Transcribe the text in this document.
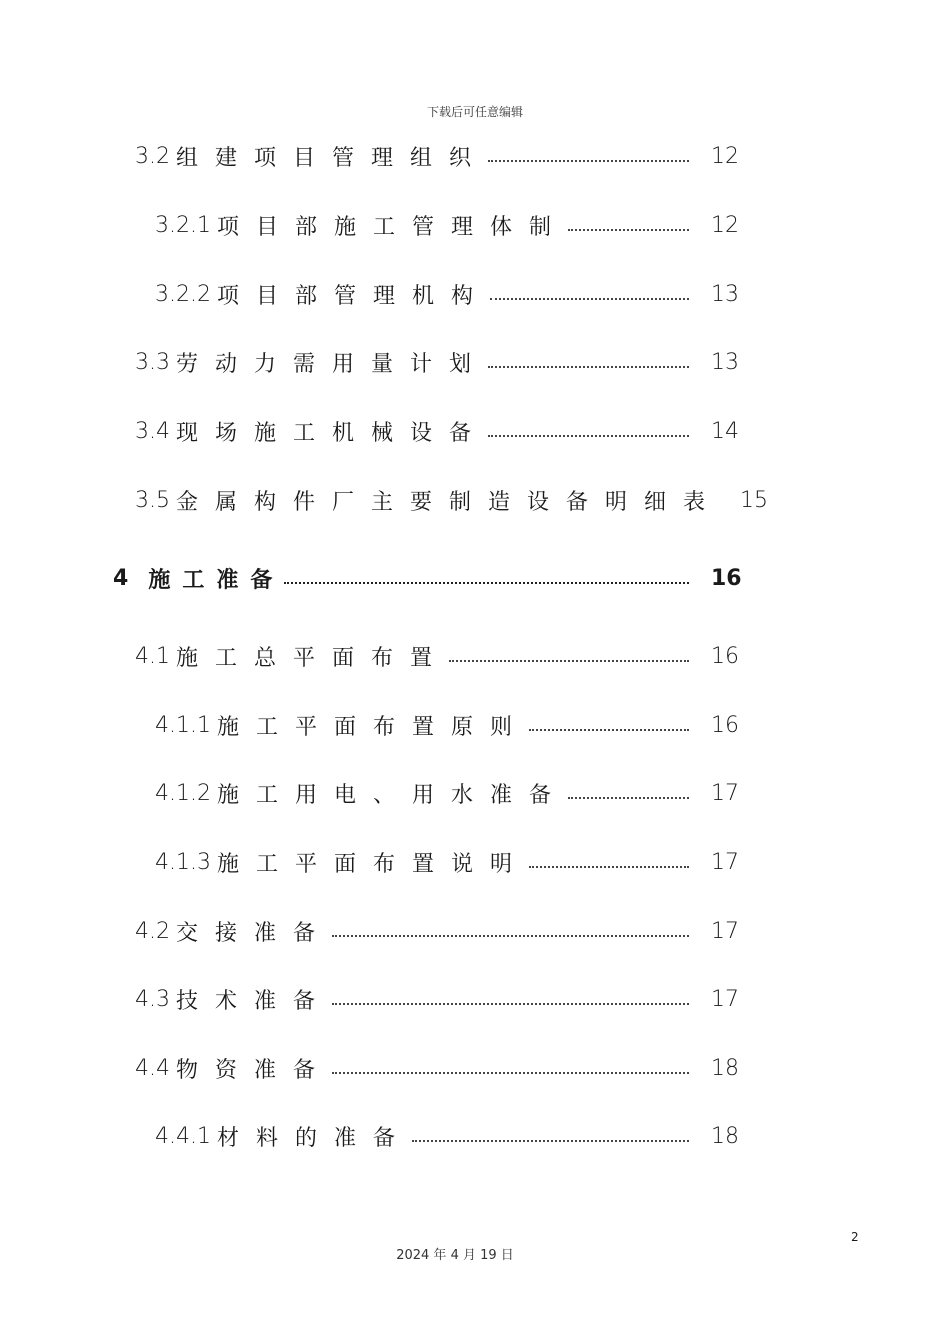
下载后可任意编辑
3.2 组建项目管理组织	12
3.2.1 项目部施工管理体制	12
3.2.2 项目部管理机构	13
3.3 劳动力需用量计划	13
3.4 现场施工机械设备	14
3.5 金属构件厂主要制造设备明细表 15
4 施工准备	16
4.1 施工总平面布置	16
4.1.1 施工平面布置原则	16
4.1.2 施工用电、用水准备	17
4.1.3 施工平面布置说明	17
4.2 交接准备	17
4.3 技术准备	17
4.4 物资准备	18
4.4.1 材料的准备	18
2
2024 年 4 月 19 日
